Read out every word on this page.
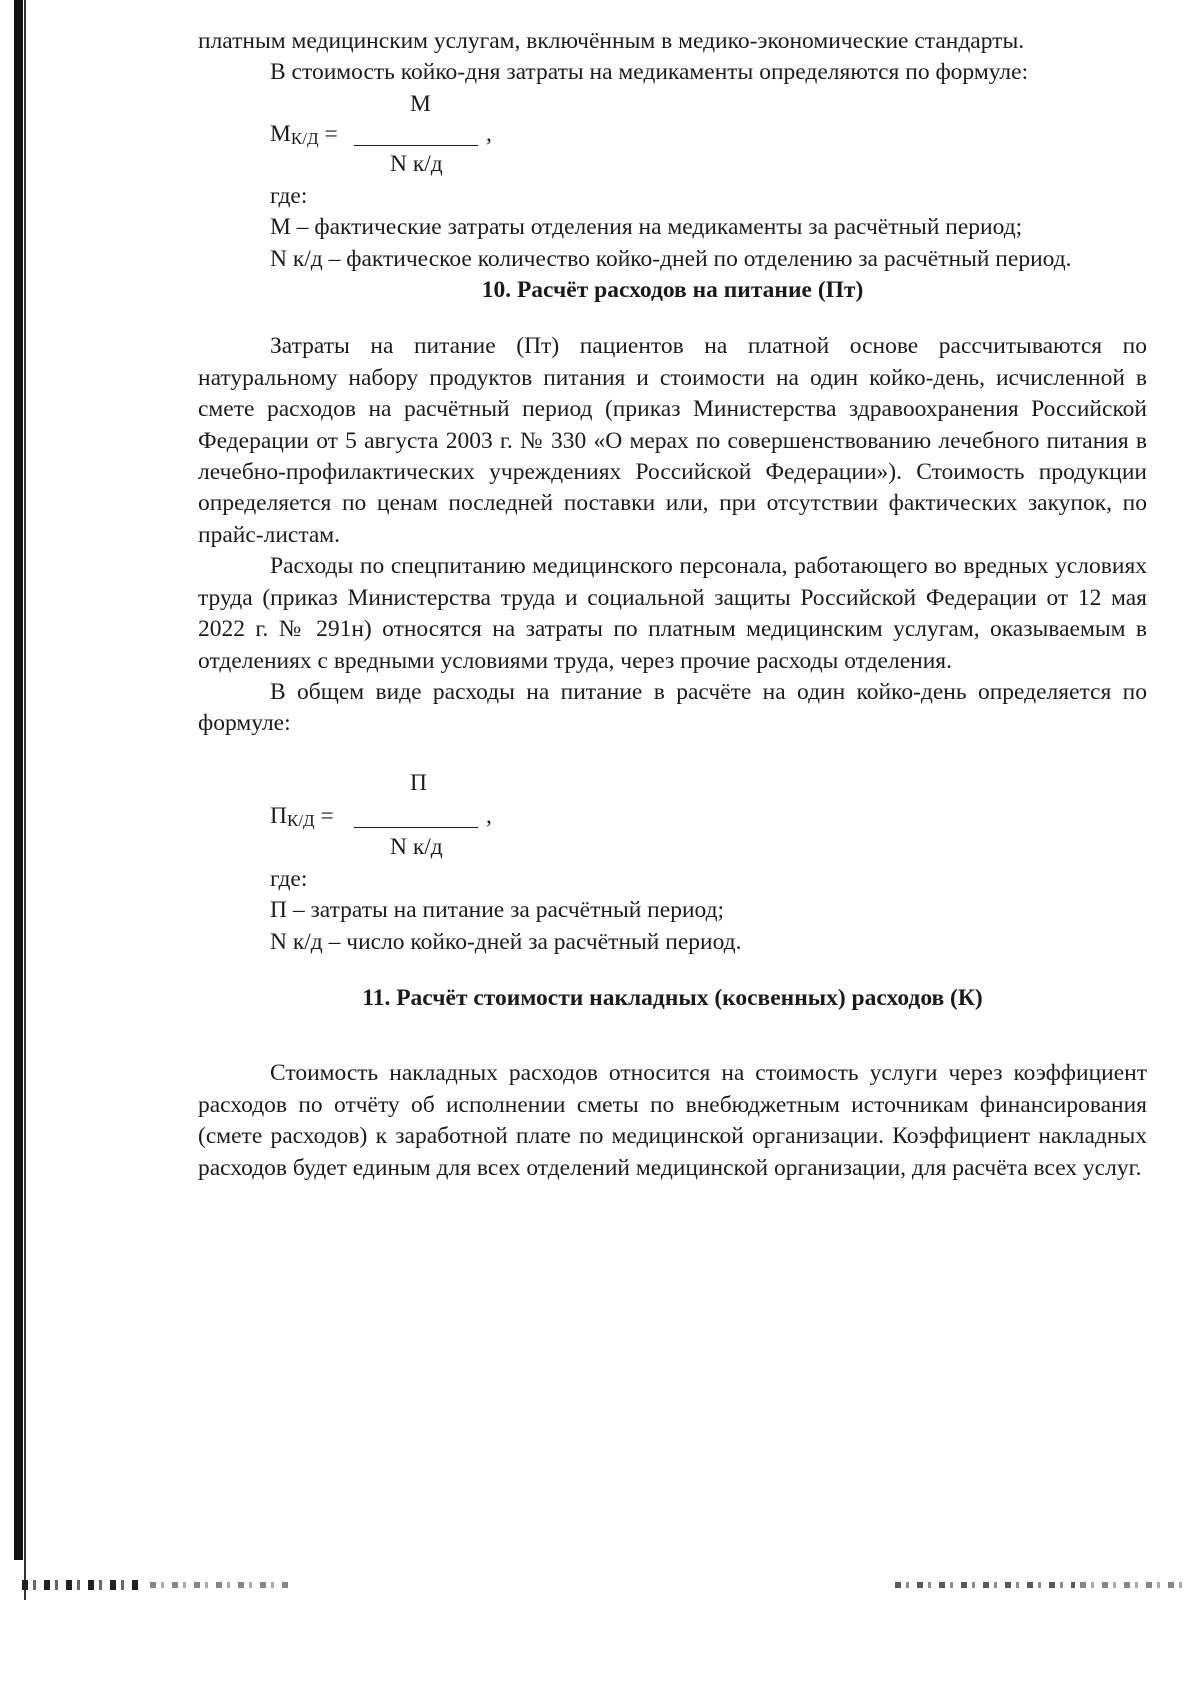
платным медицинским услугам, включённым в медико-экономические стандарты.

В стоимость койко-дня затраты на медикаменты определяются по формуле:

М
$М_{К/Д}$ =	,
N к/д
где:

М – фактические затраты отделения на медикаменты за расчётный период;

N к/д – фактическое количество койко-дней по отделению за расчётный период.

10. Расчёт расходов на питание (Пт)

Затраты на питание (Пт) пациентов на платной основе рассчитываются по натуральному набору продуктов питания и стоимости на один койко-день, исчисленной в смете расходов на расчётный период (приказ Министерства здравоохранения Российской Федерации от 5 августа 2003 г. № 330 «О мерах по совершенствованию лечебного питания в лечебно-профилактических учреждениях Российской Федерации»). Стоимость продукции определяется по ценам последней поставки или, при отсутствии фактических закупок, по прайс-листам.

Расходы по спецпитанию медицинского персонала, работающего во вредных условиях труда (приказ Министерства труда и социальной защиты Российской Федерации от 12 мая 2022 г. № 291н) относятся на затраты по платным медицинским услугам, оказываемым в отделениях с вредными условиями труда, через прочие расходы отделения.

В общем виде расходы на питание в расчёте на один койко-день определяется по формуле:

П
$П_{К/Д}$ =	,
N к/д
где:
П – затраты на питание за расчётный период;
N к/д – число койко-дней за расчётный период.
11. Расчёт стоимости накладных (косвенных) расходов (К)

Стоимость накладных расходов относится на стоимость услуги через коэффициент расходов по отчёту об исполнении сметы по внебюджетным источникам финансирования (смете расходов) к заработной плате по медицинской организации. Коэффициент накладных расходов будет единым для всех отделений медицинской организации, для расчёта всех услуг.
